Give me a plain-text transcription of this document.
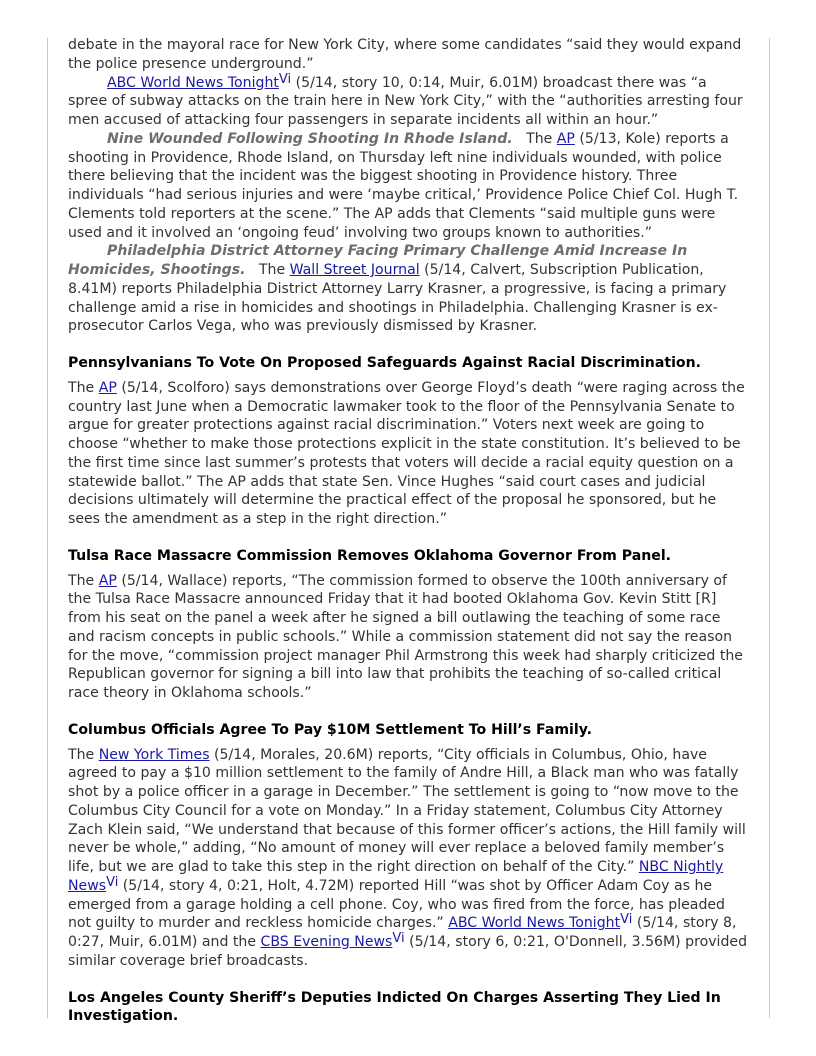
debate in the mayoral race for New York City, where some candidates “said they would expand the police presence underground.”

ABC World News TonightVi (5/14, story 10, 0:14, Muir, 6.01M) broadcast there was “a spree of subway attacks on the train here in New York City,” with the “authorities arresting four men accused of attacking four passengers in separate incidents all within an hour.”

Nine Wounded Following Shooting In Rhode Island.   The AP (5/13, Kole) reports a shooting in Providence, Rhode Island, on Thursday left nine individuals wounded, with police there believing that the incident was the biggest shooting in Providence history. Three individuals “had serious injuries and were ‘maybe critical,’ Providence Police Chief Col. Hugh T. Clements told reporters at the scene.” The AP adds that Clements “said multiple guns were used and it involved an ‘ongoing feud’ involving two groups known to authorities.”

Philadelphia District Attorney Facing Primary Challenge Amid Increase In Homicides, Shootings.   The Wall Street Journal (5/14, Calvert, Subscription Publication, 8.41M) reports Philadelphia District Attorney Larry Krasner, a progressive, is facing a primary challenge amid a rise in homicides and shootings in Philadelphia. Challenging Krasner is ex-prosecutor Carlos Vega, who was previously dismissed by Krasner.

Pennsylvanians To Vote On Proposed Safeguards Against Racial Discrimination.

The AP (5/14, Scolforo) says demonstrations over George Floyd’s death “were raging across the country last June when a Democratic lawmaker took to the floor of the Pennsylvania Senate to argue for greater protections against racial discrimination.” Voters next week are going to choose “whether to make those protections explicit in the state constitution. It’s believed to be the first time since last summer’s protests that voters will decide a racial equity question on a statewide ballot.” The AP adds that state Sen. Vince Hughes “said court cases and judicial decisions ultimately will determine the practical effect of the proposal he sponsored, but he sees the amendment as a step in the right direction.”

Tulsa Race Massacre Commission Removes Oklahoma Governor From Panel.

The AP (5/14, Wallace) reports, “The commission formed to observe the 100th anniversary of the Tulsa Race Massacre announced Friday that it had booted Oklahoma Gov. Kevin Stitt [R] from his seat on the panel a week after he signed a bill outlawing the teaching of some race and racism concepts in public schools.” While a commission statement did not say the reason for the move, “commission project manager Phil Armstrong this week had sharply criticized the Republican governor for signing a bill into law that prohibits the teaching of so-called critical race theory in Oklahoma schools.”

Columbus Officials Agree To Pay $10M Settlement To Hill’s Family.

The New York Times (5/14, Morales, 20.6M) reports, “City officials in Columbus, Ohio, have agreed to pay a $10 million settlement to the family of Andre Hill, a Black man who was fatally shot by a police officer in a garage in December.” The settlement is going to “now move to the Columbus City Council for a vote on Monday.” In a Friday statement, Columbus City Attorney Zach Klein said, “We understand that because of this former officer’s actions, the Hill family will never be whole,” adding, “No amount of money will ever replace a beloved family member’s life, but we are glad to take this step in the right direction on behalf of the City.” NBC Nightly NewsVi (5/14, story 4, 0:21, Holt, 4.72M) reported Hill “was shot by Officer Adam Coy as he emerged from a garage holding a cell phone. Coy, who was fired from the force, has pleaded not guilty to murder and reckless homicide charges.” ABC World News TonightVi (5/14, story 8, 0:27, Muir, 6.01M) and the CBS Evening NewsVi (5/14, story 6, 0:21, O'Donnell, 3.56M) provided similar coverage brief broadcasts.

Los Angeles County Sheriff’s Deputies Indicted On Charges Asserting They Lied In Investigation.
